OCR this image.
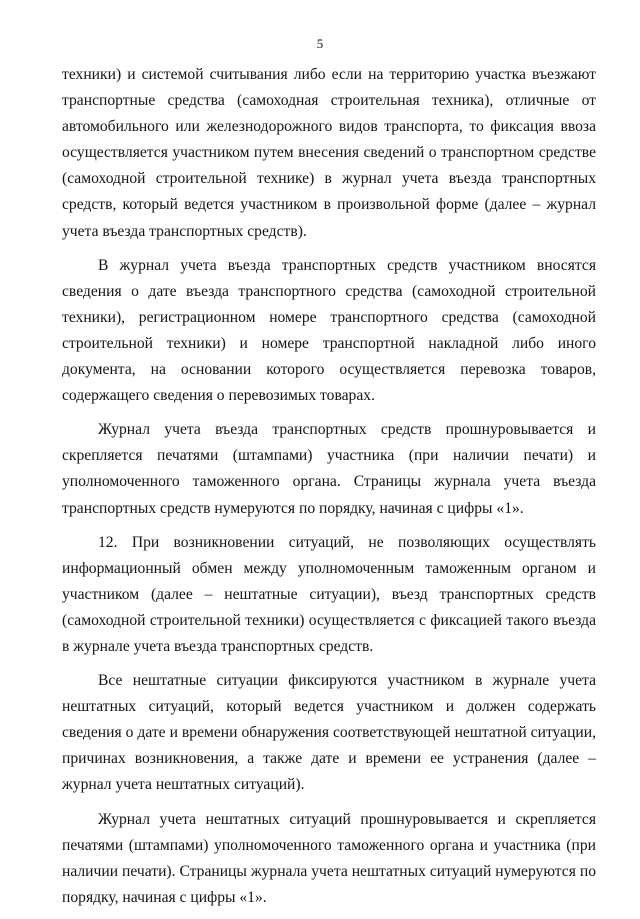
5

техники) и системой считывания либо если на территорию участка въезжают транспортные средства (самоходная строительная техника), отличные от автомобильного или железнодорожного видов транспорта, то фиксация ввоза осуществляется участником путем внесения сведений о транспортном средстве (самоходной строительной технике) в журнал учета въезда транспортных средств, который ведется участником в произвольной форме (далее – журнал учета въезда транспортных средств).

В журнал учета въезда транспортных средств участником вносятся сведения о дате въезда транспортного средства (самоходной строительной техники), регистрационном номере транспортного средства (самоходной строительной техники) и номере транспортной накладной либо иного документа, на основании которого осуществляется перевозка товаров, содержащего сведения о перевозимых товарах.

Журнал учета въезда транспортных средств прошнуровывается и скрепляется печатями (штампами) участника (при наличии печати) и уполномоченного таможенного органа. Страницы журнала учета въезда транспортных средств нумеруются по порядку, начиная с цифры «1».

12. При возникновении ситуаций, не позволяющих осуществлять информационный обмен между уполномоченным таможенным органом и участником (далее – нештатные ситуации), въезд транспортных средств (самоходной строительной техники) осуществляется с фиксацией такого въезда в журнале учета въезда транспортных средств.

Все нештатные ситуации фиксируются участником в журнале учета нештатных ситуаций, который ведется участником и должен содержать сведения о дате и времени обнаружения соответствующей нештатной ситуации, причинах возникновения, а также дате и времени ее устранения (далее – журнал учета нештатных ситуаций).

Журнал учета нештатных ситуаций прошнуровывается и скрепляется печатями (штампами) уполномоченного таможенного органа и участника (при наличии печати). Страницы журнала учета нештатных ситуаций нумеруются по порядку, начиная с цифры «1».
